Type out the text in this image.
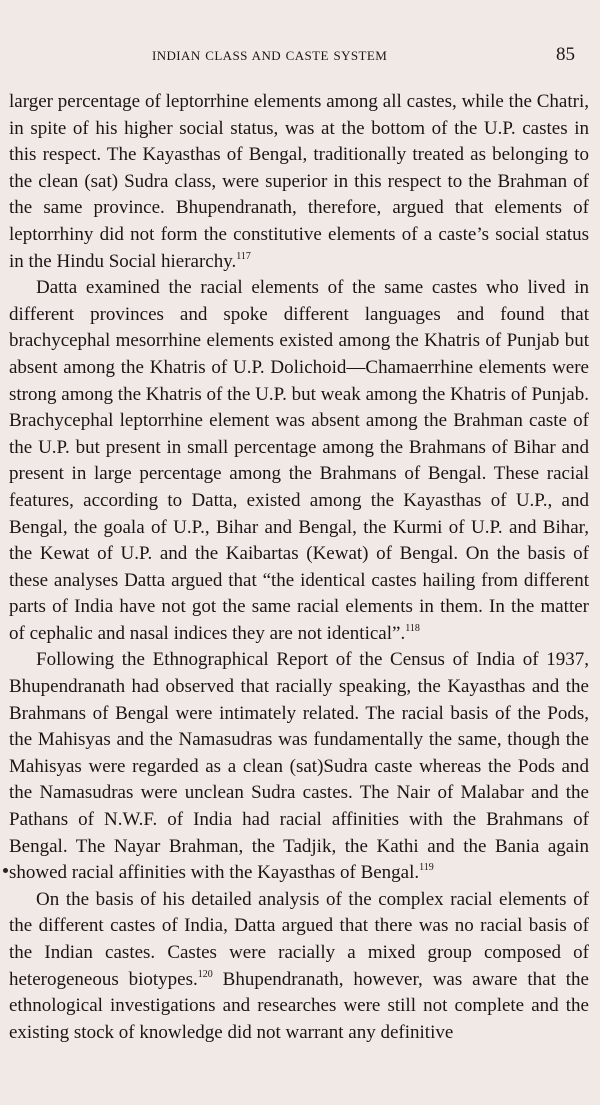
INDIAN CLASS AND CASTE SYSTEM	85

larger percentage of leptorrhine elements among all castes, while the Chatri, in spite of his higher social status, was at the bottom of the U.P. castes in this respect. The Kayasthas of Bengal, traditionally treated as belonging to the clean (sat) Sudra class, were superior in this respect to the Brahman of the same province. Bhupendranath, therefore, argued that elements of leptorrhiny did not form the constitutive elements of a caste’s social status in the Hindu Social hierarchy.$^{117}$

Datta examined the racial elements of the same castes who lived in different provinces and spoke different languages and found that brachycephal mesorrhine elements existed among the Khatris of Punjab but absent among the Khatris of U.P. Dolichoid—Chamaerrhine elements were strong among the Khatris of the U.P. but weak among the Khatris of Punjab. Brachycephal leptorrhine element was absent among the Brahman caste of the U.P. but present in small percentage among the Brahmans of Bihar and present in large percentage among the Brahmans of Bengal. These racial features, according to Datta, existed among the Kayasthas of U.P., and Bengal, the goala of U.P., Bihar and Bengal, the Kurmi of U.P. and Bihar, the Kewat of U.P. and the Kaibartas (Kewat) of Bengal. On the basis of these analyses Datta argued that “the identical castes hailing from different parts of India have not got the same racial elements in them. In the matter of cephalic and nasal indices they are not identical”.$^{118}$

Following the Ethnographical Report of the Census of India of 1937, Bhupendranath had observed that racially speaking, the Kayasthas and the Brahmans of Bengal were intimately related. The racial basis of the Pods, the Mahisyas and the Namasudras was fundamentally the same, though the Mahisyas were regarded as a clean (sat)Sudra caste whereas the Pods and the Namasudras were unclean Sudra castes. The Nair of Malabar and the Pathans of N.W.F. of India had racial affinities with the Brahmans of Bengal. The Nayar Brahman, the Tadjik, the Kathi and the Bania again showed racial affinities with the Kayasthas of Bengal.$^{119}$

On the basis of his detailed analysis of the complex racial elements of the different castes of India, Datta argued that there was no racial basis of the Indian castes. Castes were racially a mixed group composed of heterogeneous biotypes.$^{120}$ Bhupendranath, however, was aware that the ethnological investigations and researches were still not complete and the existing stock of knowledge did not warrant any definitive
